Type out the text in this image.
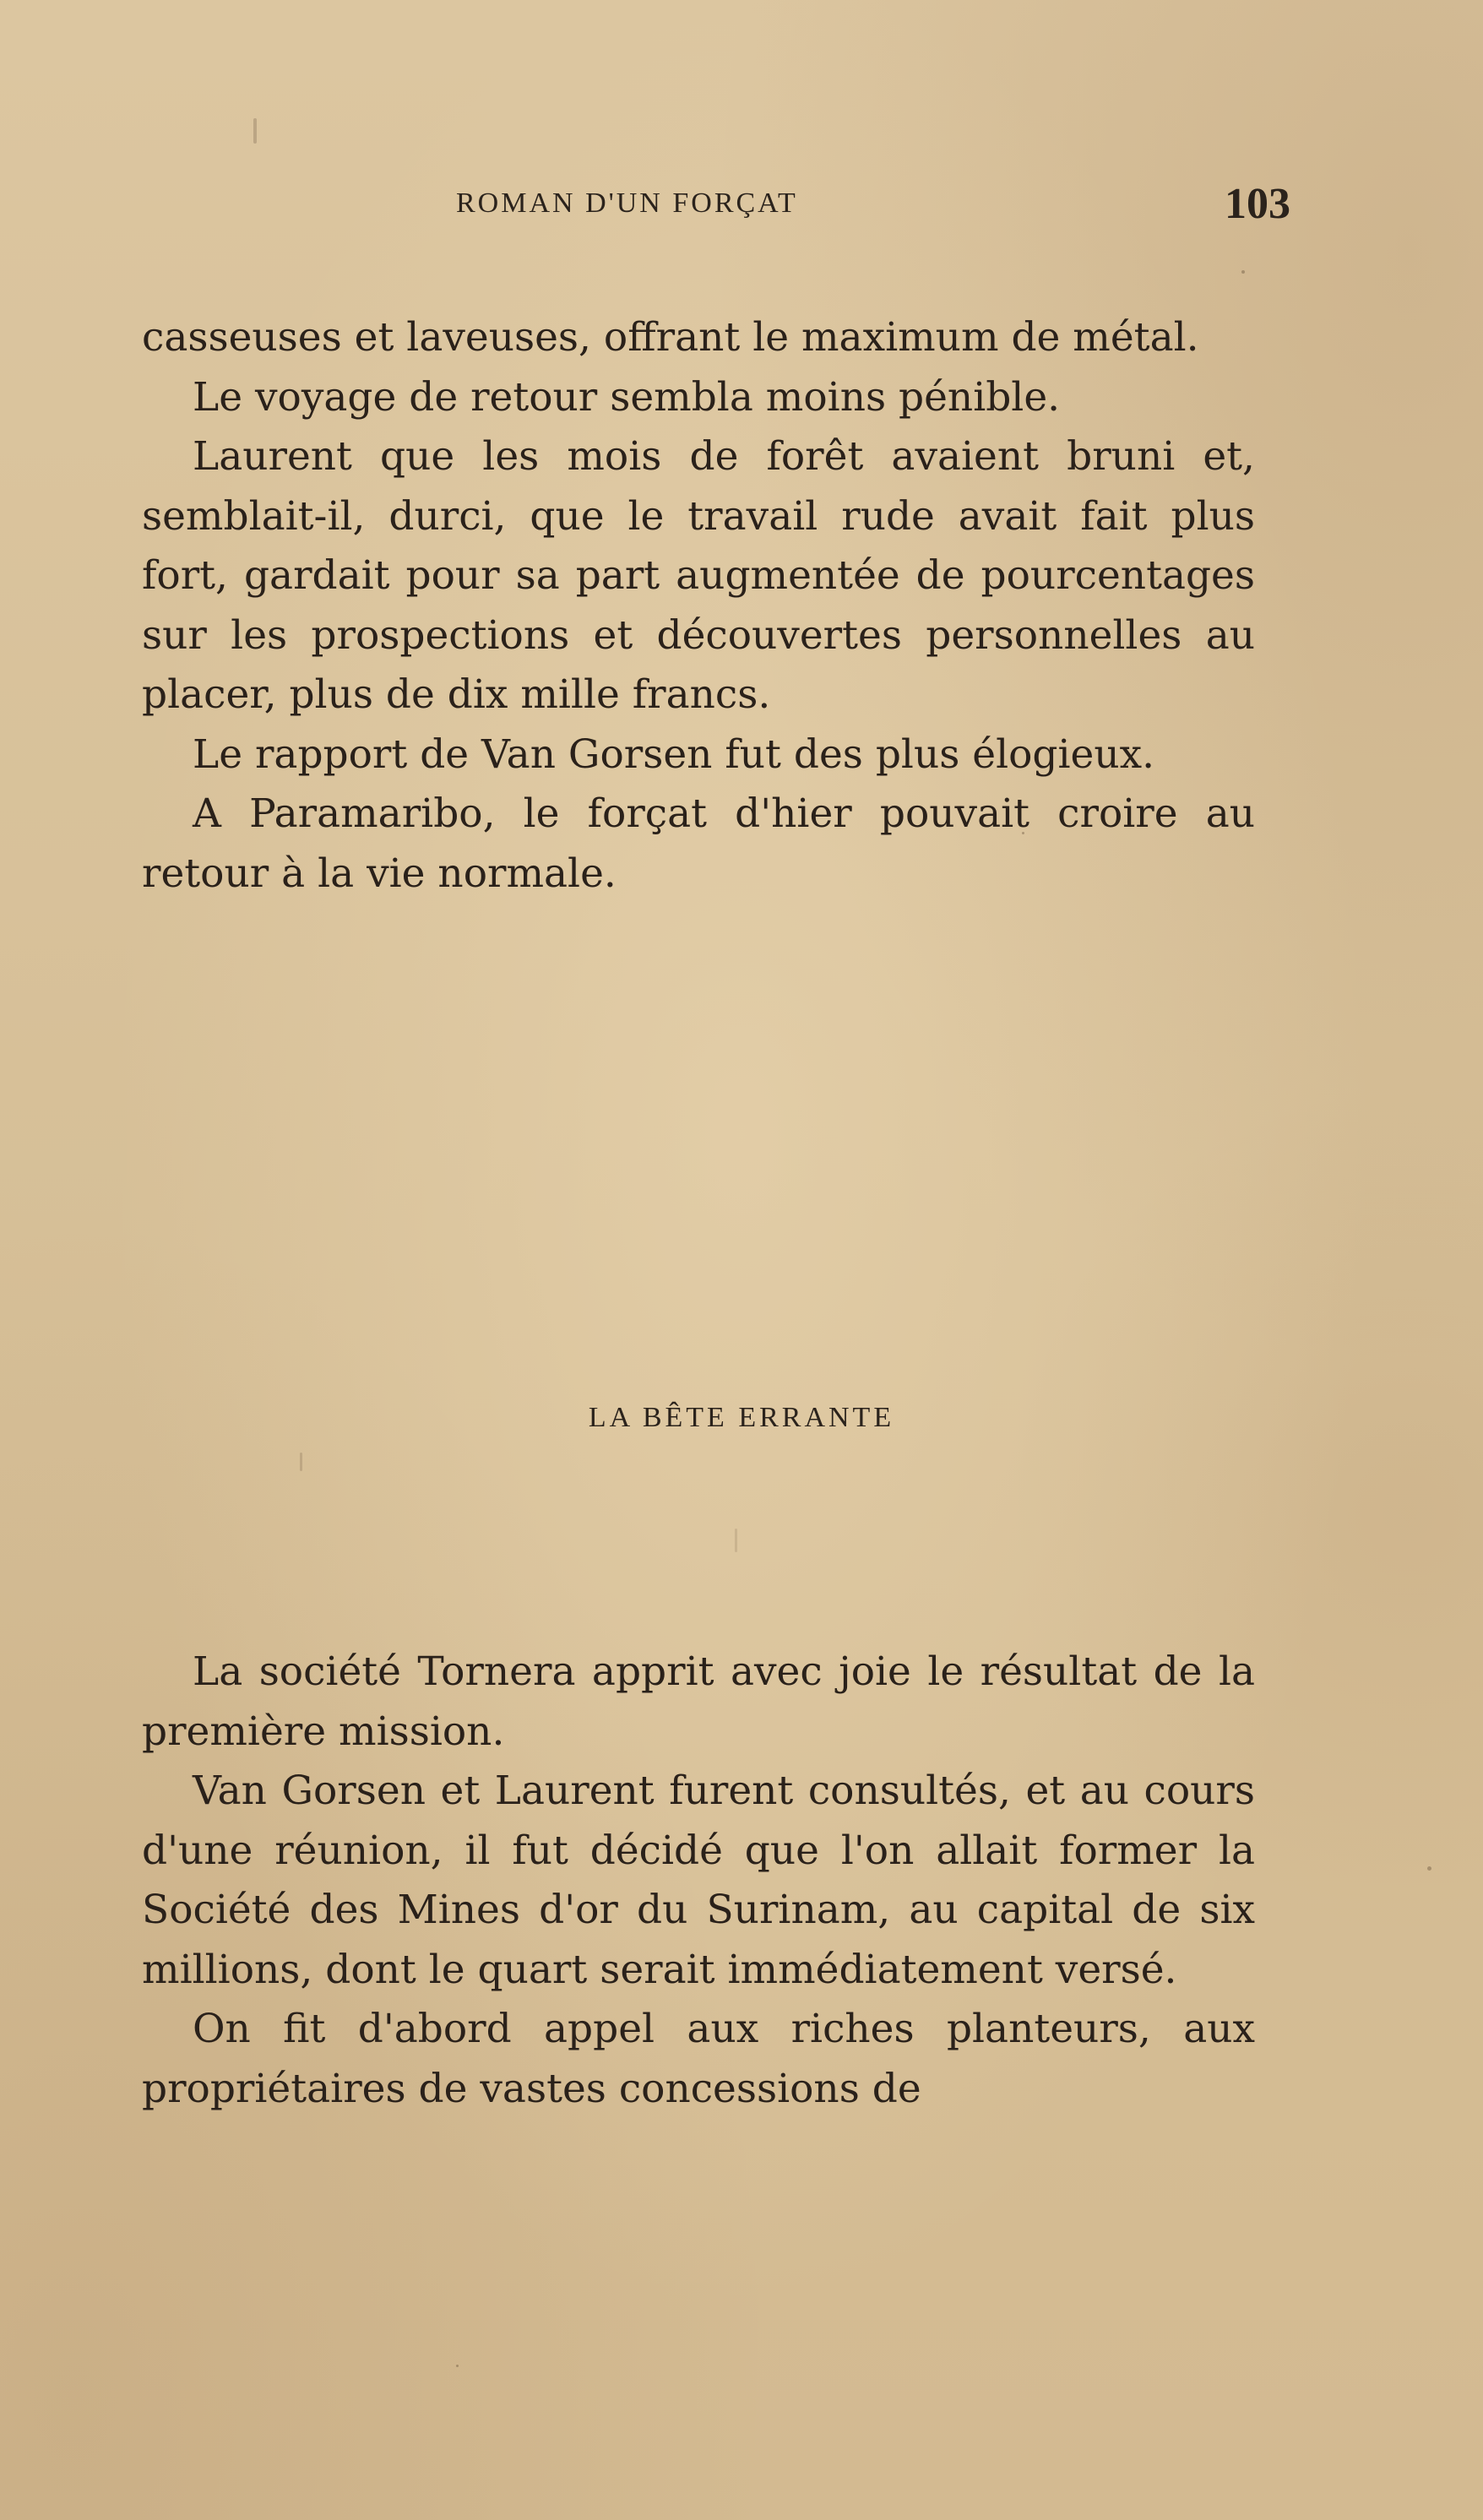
ROMAN D'UN FORÇAT	103

casseuses et laveuses, offrant le maximum de métal.

Le voyage de retour sembla moins pénible.

Laurent que les mois de forêt avaient bruni et, semblait-il, durci, que le travail rude avait fait plus fort, gardait pour sa part augmentée de pourcentages sur les prospections et découvertes personnelles au placer, plus de dix mille francs.

Le rapport de Van Gorsen fut des plus élogieux.

A Paramaribo, le forçat d'hier pouvait croire au retour à la vie normale.

LA BÊTE ERRANTE

La société Tornera apprit avec joie le résultat de la première mission.

Van Gorsen et Laurent furent consultés, et au cours d'une réunion, il fut décidé que l'on allait former la Société des Mines d'or du Surinam, au capital de six millions, dont le quart serait immédiatement versé.

On fit d'abord appel aux riches planteurs, aux propriétaires de vastes concessions de
